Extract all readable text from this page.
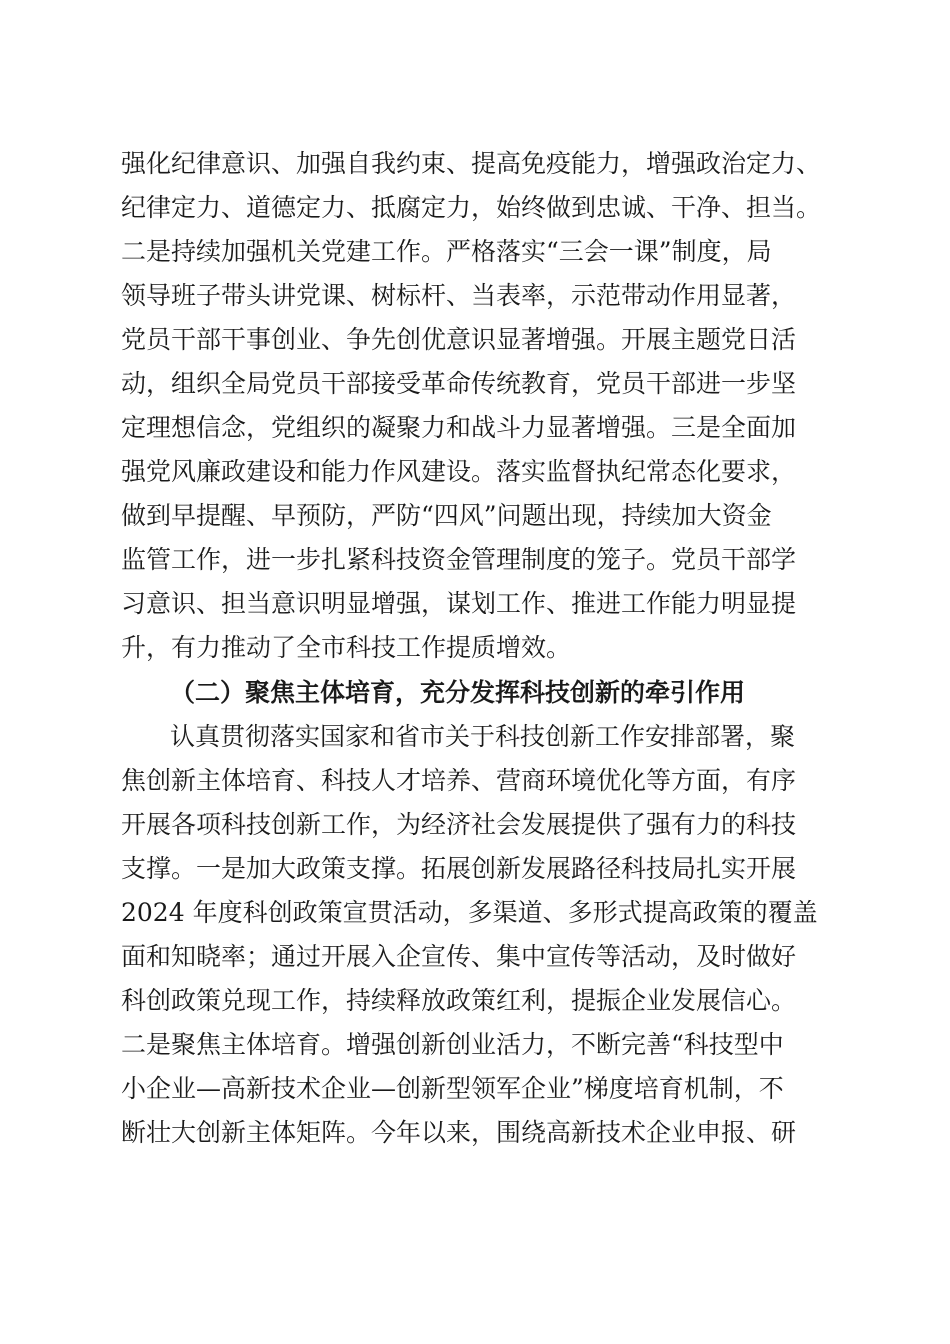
强化纪律意识、加强自我约束、提高免疫能力，增强政治定力、
纪律定力、道德定力、抵腐定力，始终做到忠诚、干净、担当。
二是持续加强机关党建工作。严格落实“三会一课”制度，局
领导班子带头讲党课、树标杆、当表率，示范带动作用显著，
党员干部干事创业、争先创优意识显著增强。开展主题党日活
动，组织全局党员干部接受革命传统教育，党员干部进一步坚
定理想信念，党组织的凝聚力和战斗力显著增强。三是全面加
强党风廉政建设和能力作风建设。落实监督执纪常态化要求，
做到早提醒、早预防，严防“四风”问题出现，持续加大资金
监管工作，进一步扎紧科技资金管理制度的笼子。党员干部学
习意识、担当意识明显增强，谋划工作、推进工作能力明显提
升，有力推动了全市科技工作提质增效。
（二）聚焦主体培育，充分发挥科技创新的牵引作用
认真贯彻落实国家和省市关于科技创新工作安排部署，聚
焦创新主体培育、科技人才培养、营商环境优化等方面，有序
开展各项科技创新工作，为经济社会发展提供了强有力的科技
支撑。一是加大政策支撑。拓展创新发展路径科技局扎实开展
2024 年度科创政策宣贯活动，多渠道、多形式提高政策的覆盖
面和知晓率；通过开展入企宣传、集中宣传等活动，及时做好
科创政策兑现工作，持续释放政策红利，提振企业发展信心。
二是聚焦主体培育。增强创新创业活力，不断完善“科技型中
小企业—高新技术企业—创新型领军企业”梯度培育机制，不
断壮大创新主体矩阵。今年以来，围绕高新技术企业申报、研
